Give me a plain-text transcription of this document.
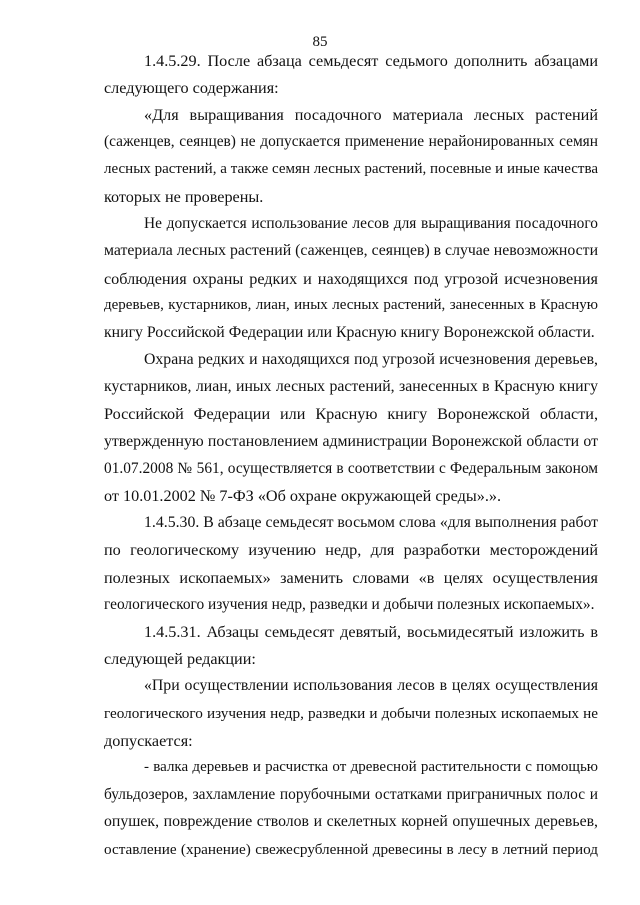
85
1.4.5.29. После абзаца семьдесят седьмого дополнить абзацами
следующего содержания:
«Для выращивания посадочного материала лесных растений
(саженцев, сеянцев) не допускается применение нерайонированных семян
лесных растений, а также семян лесных растений, посевные и иные качества
которых не проверены.
Не допускается использование лесов для выращивания посадочного
материала лесных растений (саженцев, сеянцев) в случае невозможности
соблюдения охраны редких и находящихся под угрозой исчезновения
деревьев, кустарников, лиан, иных лесных растений, занесенных в Красную
книгу Российской Федерации или Красную книгу Воронежской области.
Охрана редких и находящихся под угрозой исчезновения деревьев,
кустарников, лиан, иных лесных растений, занесенных в Красную книгу
Российской Федерации или Красную книгу Воронежской области,
утвержденную постановлением администрации Воронежской области от
01.07.2008 № 561, осуществляется в соответствии с Федеральным законом
от 10.01.2002 № 7-ФЗ «Об охране окружающей среды».».
1.4.5.30. В абзаце семьдесят восьмом слова «для выполнения работ
по геологическому изучению недр, для разработки месторождений
полезных ископаемых» заменить словами «в целях осуществления
геологического изучения недр, разведки и добычи полезных ископаемых».
1.4.5.31. Абзацы семьдесят девятый, восьмидесятый изложить в
следующей редакции:
«При осуществлении использования лесов в целях осуществления
геологического изучения недр, разведки и добычи полезных ископаемых не
допускается:
- валка деревьев и расчистка от древесной растительности с помощью
бульдозеров, захламление порубочными остатками приграничных полос и
опушек, повреждение стволов и скелетных корней опушечных деревьев,
оставление (хранение) свежесрубленной древесины в лесу в летний период
